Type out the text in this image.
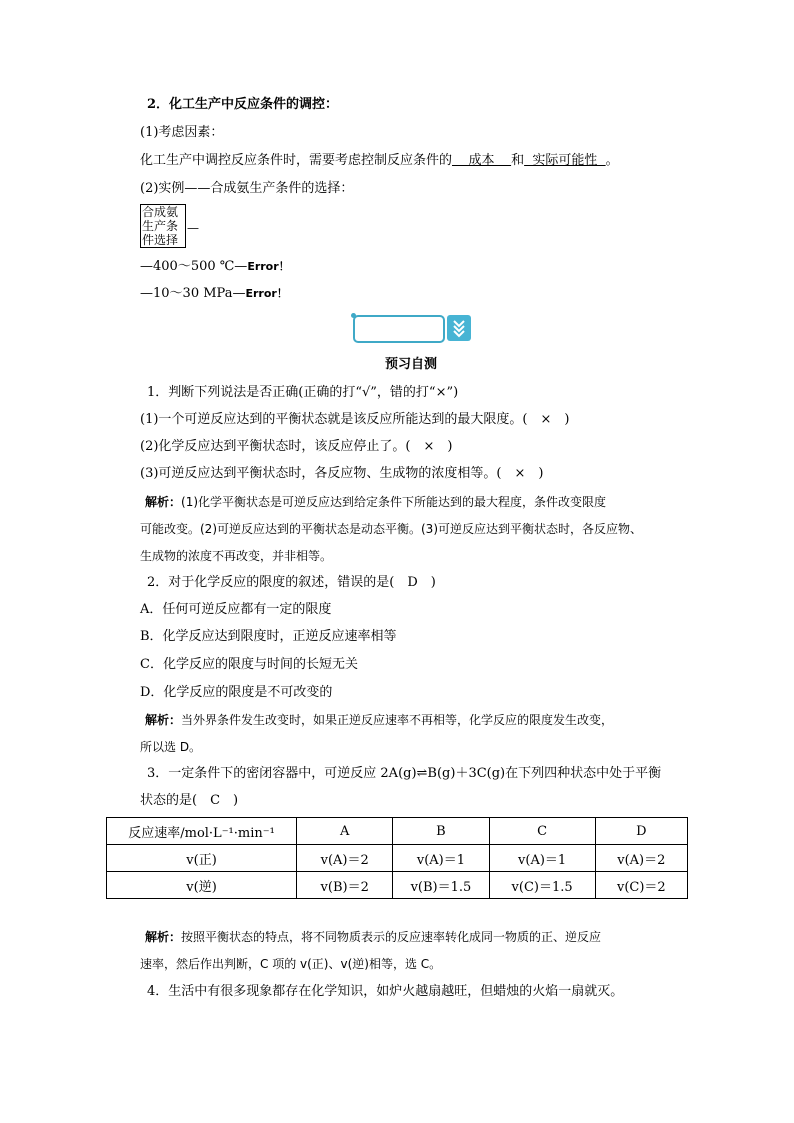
2．化工生产中反应条件的调控：
(1)考虑因素：
化工生产中调控反应条件时，需要考虑控制反应条件的    成本    和  实际可能性  。
(2)实例——合成氨生产条件的选择：
合成氨
生产条
件选择
—
—400～500 ℃—Error！
—10～30 MPa—Error！
预习自测
1．判断下列说法是否正确(正确的打“√”，错的打“×”)
(1)一个可逆反应达到的平衡状态就是该反应所能达到的最大限度。(　×　)
(2)化学反应达到平衡状态时，该反应停止了。(　×　)
(3)可逆反应达到平衡状态时，各反应物、生成物的浓度相等。(　×　)
解析：(1)化学平衡状态是可逆反应达到给定条件下所能达到的最大程度，条件改变限度
可能改变。(2)可逆反应达到的平衡状态是动态平衡。(3)可逆反应达到平衡状态时，各反应物、
生成物的浓度不再改变，并非相等。
2．对于化学反应的限度的叙述，错误的是(　D　)
A．任何可逆反应都有一定的限度
B．化学反应达到限度时，正逆反应速率相等
C．化学反应的限度与时间的长短无关
D．化学反应的限度是不可改变的
解析：当外界条件发生改变时，如果正逆反应速率不再相等，化学反应的限度发生改变，
所以选 D。
3．一定条件下的密闭容器中，可逆反应 2A(g)⇌B(g)＋3C(g)在下列四种状态中处于平衡
状态的是(　C　)
反应速率/mol·L⁻¹·min⁻¹	A	B	C	D
v(正)	v(A)＝2	v(A)＝1	v(A)＝1	v(A)＝2
v(逆)	v(B)＝2	v(B)＝1.5	v(C)＝1.5	v(C)＝2
解析：按照平衡状态的特点，将不同物质表示的反应速率转化成同一物质的正、逆反应
速率，然后作出判断，C 项的 v(正)、v(逆)相等，选 C。
4．生活中有很多现象都存在化学知识，如炉火越扇越旺，但蜡烛的火焰一扇就灭。
